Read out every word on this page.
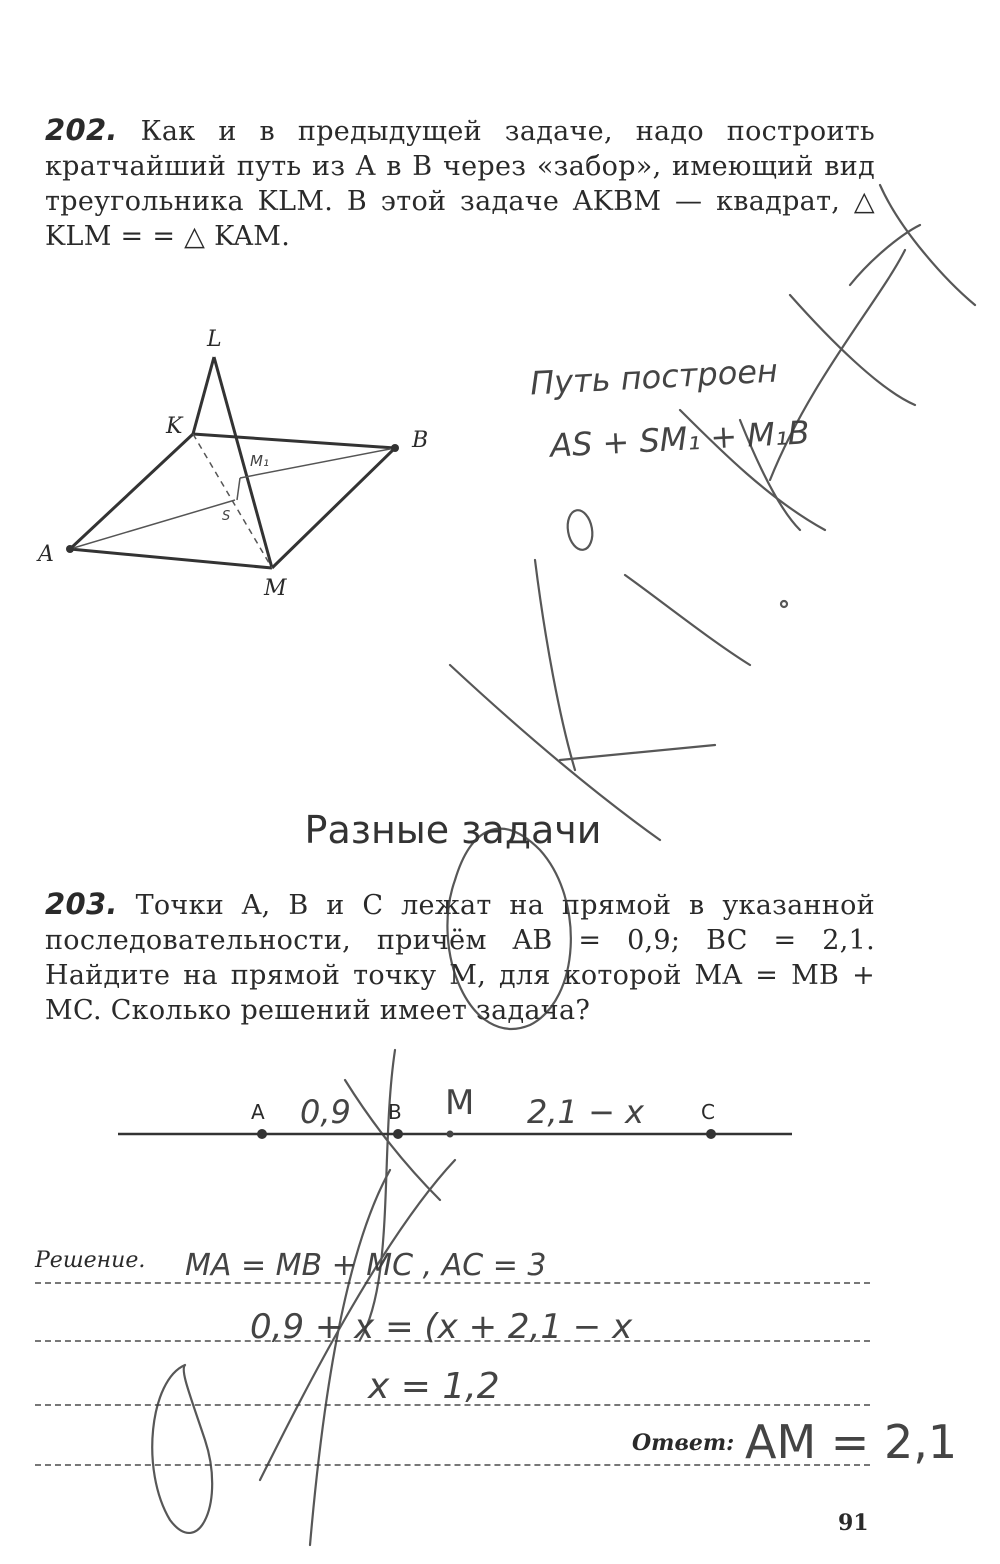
202. Как и в предыдущей задаче, надо построить кратчайший путь из A в B через «забор», имеющий вид треугольника KLM. В этой задаче AKBM — квадрат, △ KLM = = △ KAM.
L
K
B
A
M
M₁
S
Путь построен
AS + SM₁ + M₁B
Разные задачи
203. Точки A, B и C лежат на прямой в указанной последовательности, причём AB = 0,9; BC = 2,1. Найдите на прямой точку M, для которой MA = MB + MC. Сколько решений имеет задача?
A	B	C
M
0,9	2,1 − x
Решение. MA = MB + MC , AC = 3
0,9 + x = (x + 2,1 − x
x = 1,2
Ответ: AM = 2,1
91
